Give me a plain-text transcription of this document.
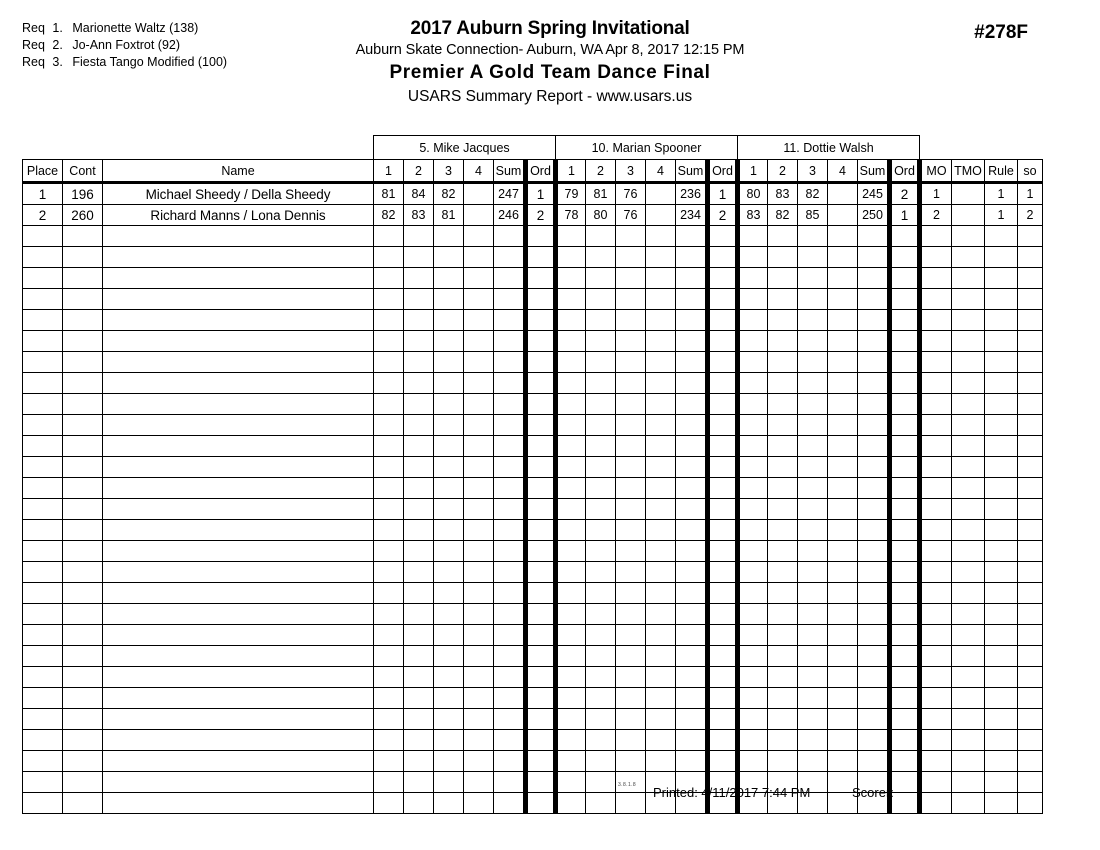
Req 1. Marionette Waltz (138)
Req 2. Jo-Ann Foxtrot (92)
Req 3. Fiesta Tango Modified (100)
2017 Auburn Spring Invitational
Auburn Skate Connection- Auburn, WA Apr 8, 2017 12:15 PM
Premier A Gold Team Dance Final
USARS Summary Report - www.usars.us
#278F
			5. Mike Jacques						10. Marian Spooner						11. Dottie Walsh									
Place	Cont	Name	1	2	3	4	Sum	Ord	1	2	3	4	Sum	Ord	1	2	3	4	Sum	Ord	MO	TMO	Rule	so
1	196	Michael Sheedy / Della Sheedy	81	84	82		247	1	79	81	76		236	1	80	83	82		245	2	1		1	1
2	260	Richard Manns / Lona Dennis	82	83	81		246	2	78	80	76		234	2	83	82	85		250	1	2		1	2

3.8.1.8 Printed: 4/11/2017 7:44 PM	Scorer:
